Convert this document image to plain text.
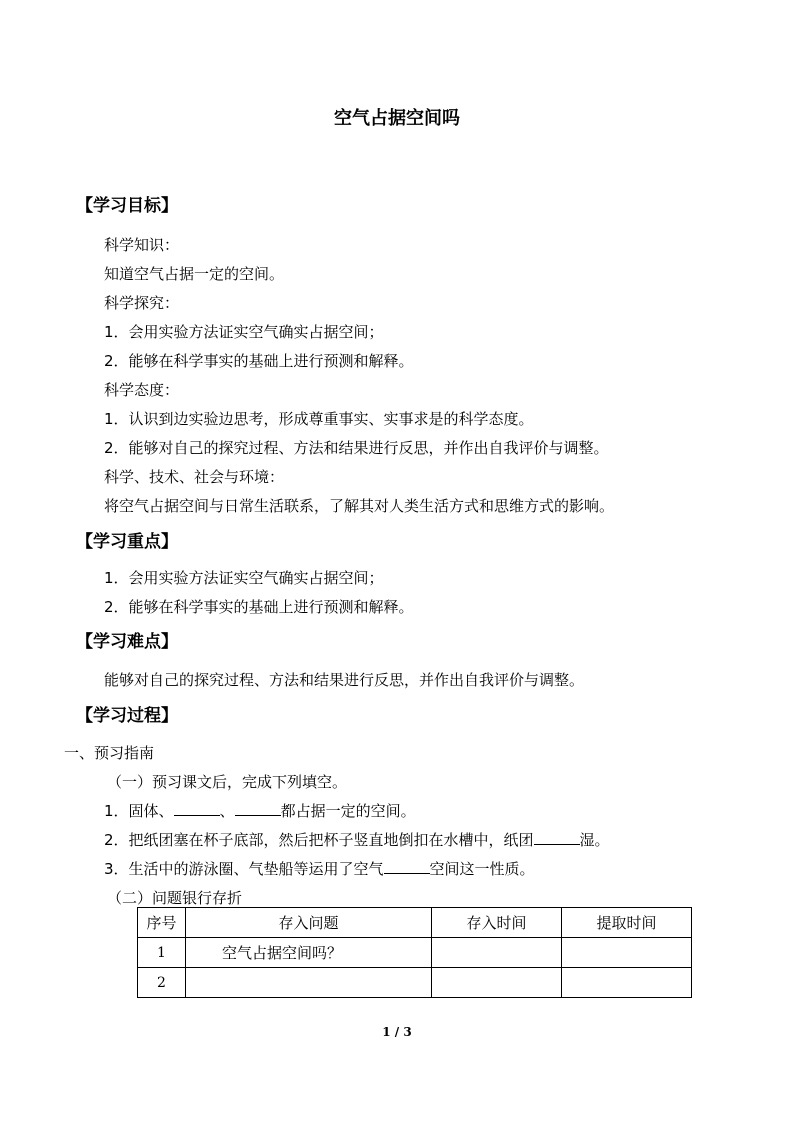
空气占据空间吗
【学习目标】
科学知识：
知道空气占据一定的空间。
科学探究：
1．会用实验方法证实空气确实占据空间；
2．能够在科学事实的基础上进行预测和解释。
科学态度：
1．认识到边实验边思考，形成尊重事实、实事求是的科学态度。
2．能够对自己的探究过程、方法和结果进行反思，并作出自我评价与调整。
科学、技术、社会与环境：
将空气占据空间与日常生活联系，了解其对人类生活方式和思维方式的影响。
【学习重点】
1．会用实验方法证实空气确实占据空间；
2．能够在科学事实的基础上进行预测和解释。
【学习难点】
能够对自己的探究过程、方法和结果进行反思，并作出自我评价与调整。
【学习过程】
一、预习指南
（一）预习课文后，完成下列填空。
1．固体、	、	都占据一定的空间。
2．把纸团塞在杯子底部，然后把杯子竖直地倒扣在水槽中，纸团	湿。
3．生活中的游泳圈、气垫船等运用了空气	空间这一性质。
（二）问题银行存折
序号	存入问题	存入时间	提取时间
1	空气占据空间吗？		
2			
1 / 3
